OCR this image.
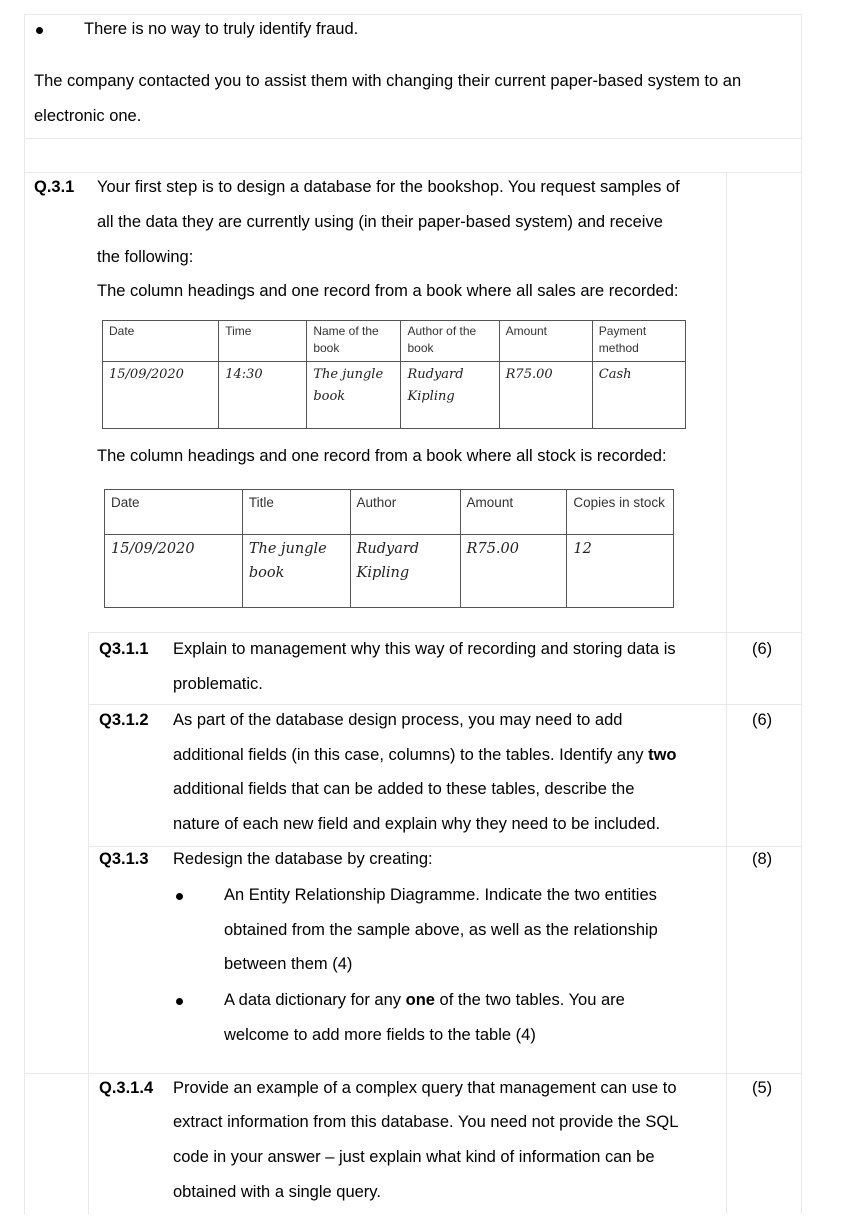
There is no way to truly identify fraud.
The company contacted you to assist them with changing their current paper-based system to an
electronic one.
Q.3.1 Your first step is to design a database for the bookshop. You request samples of
all the data they are currently using (in their paper-based system) and receive
the following:
The column headings and one record from a book where all sales are recorded:
Date	Time	Name of the book	Author of the book	Amount	Payment method
15/09/2020	14:30	The jungle book	Rudyard Kipling	R75.00	Cash
The column headings and one record from a book where all stock is recorded:
Date	Title	Author	Amount	Copies in stock
15/09/2020	The jungle book	Rudyard Kipling	R75.00	12
Q3.1.1 Explain to management why this way of recording and storing data is
problematic.
(6)
Q3.1.2 As part of the database design process, you may need to add
additional fields (in this case, columns) to the tables. Identify any two
additional fields that can be added to these tables, describe the
nature of each new field and explain why they need to be included.
(6)
Q3.1.3 Redesign the database by creating:	(8)
An Entity Relationship Diagramme. Indicate the two entities
obtained from the sample above, as well as the relationship
between them (4)
A data dictionary for any one of the two tables. You are
welcome to add more fields to the table (4)
Q.3.1.4 Provide an example of a complex query that management can use to
extract information from this database. You need not provide the SQL
code in your answer – just explain what kind of information can be
obtained with a single query.
(5)
